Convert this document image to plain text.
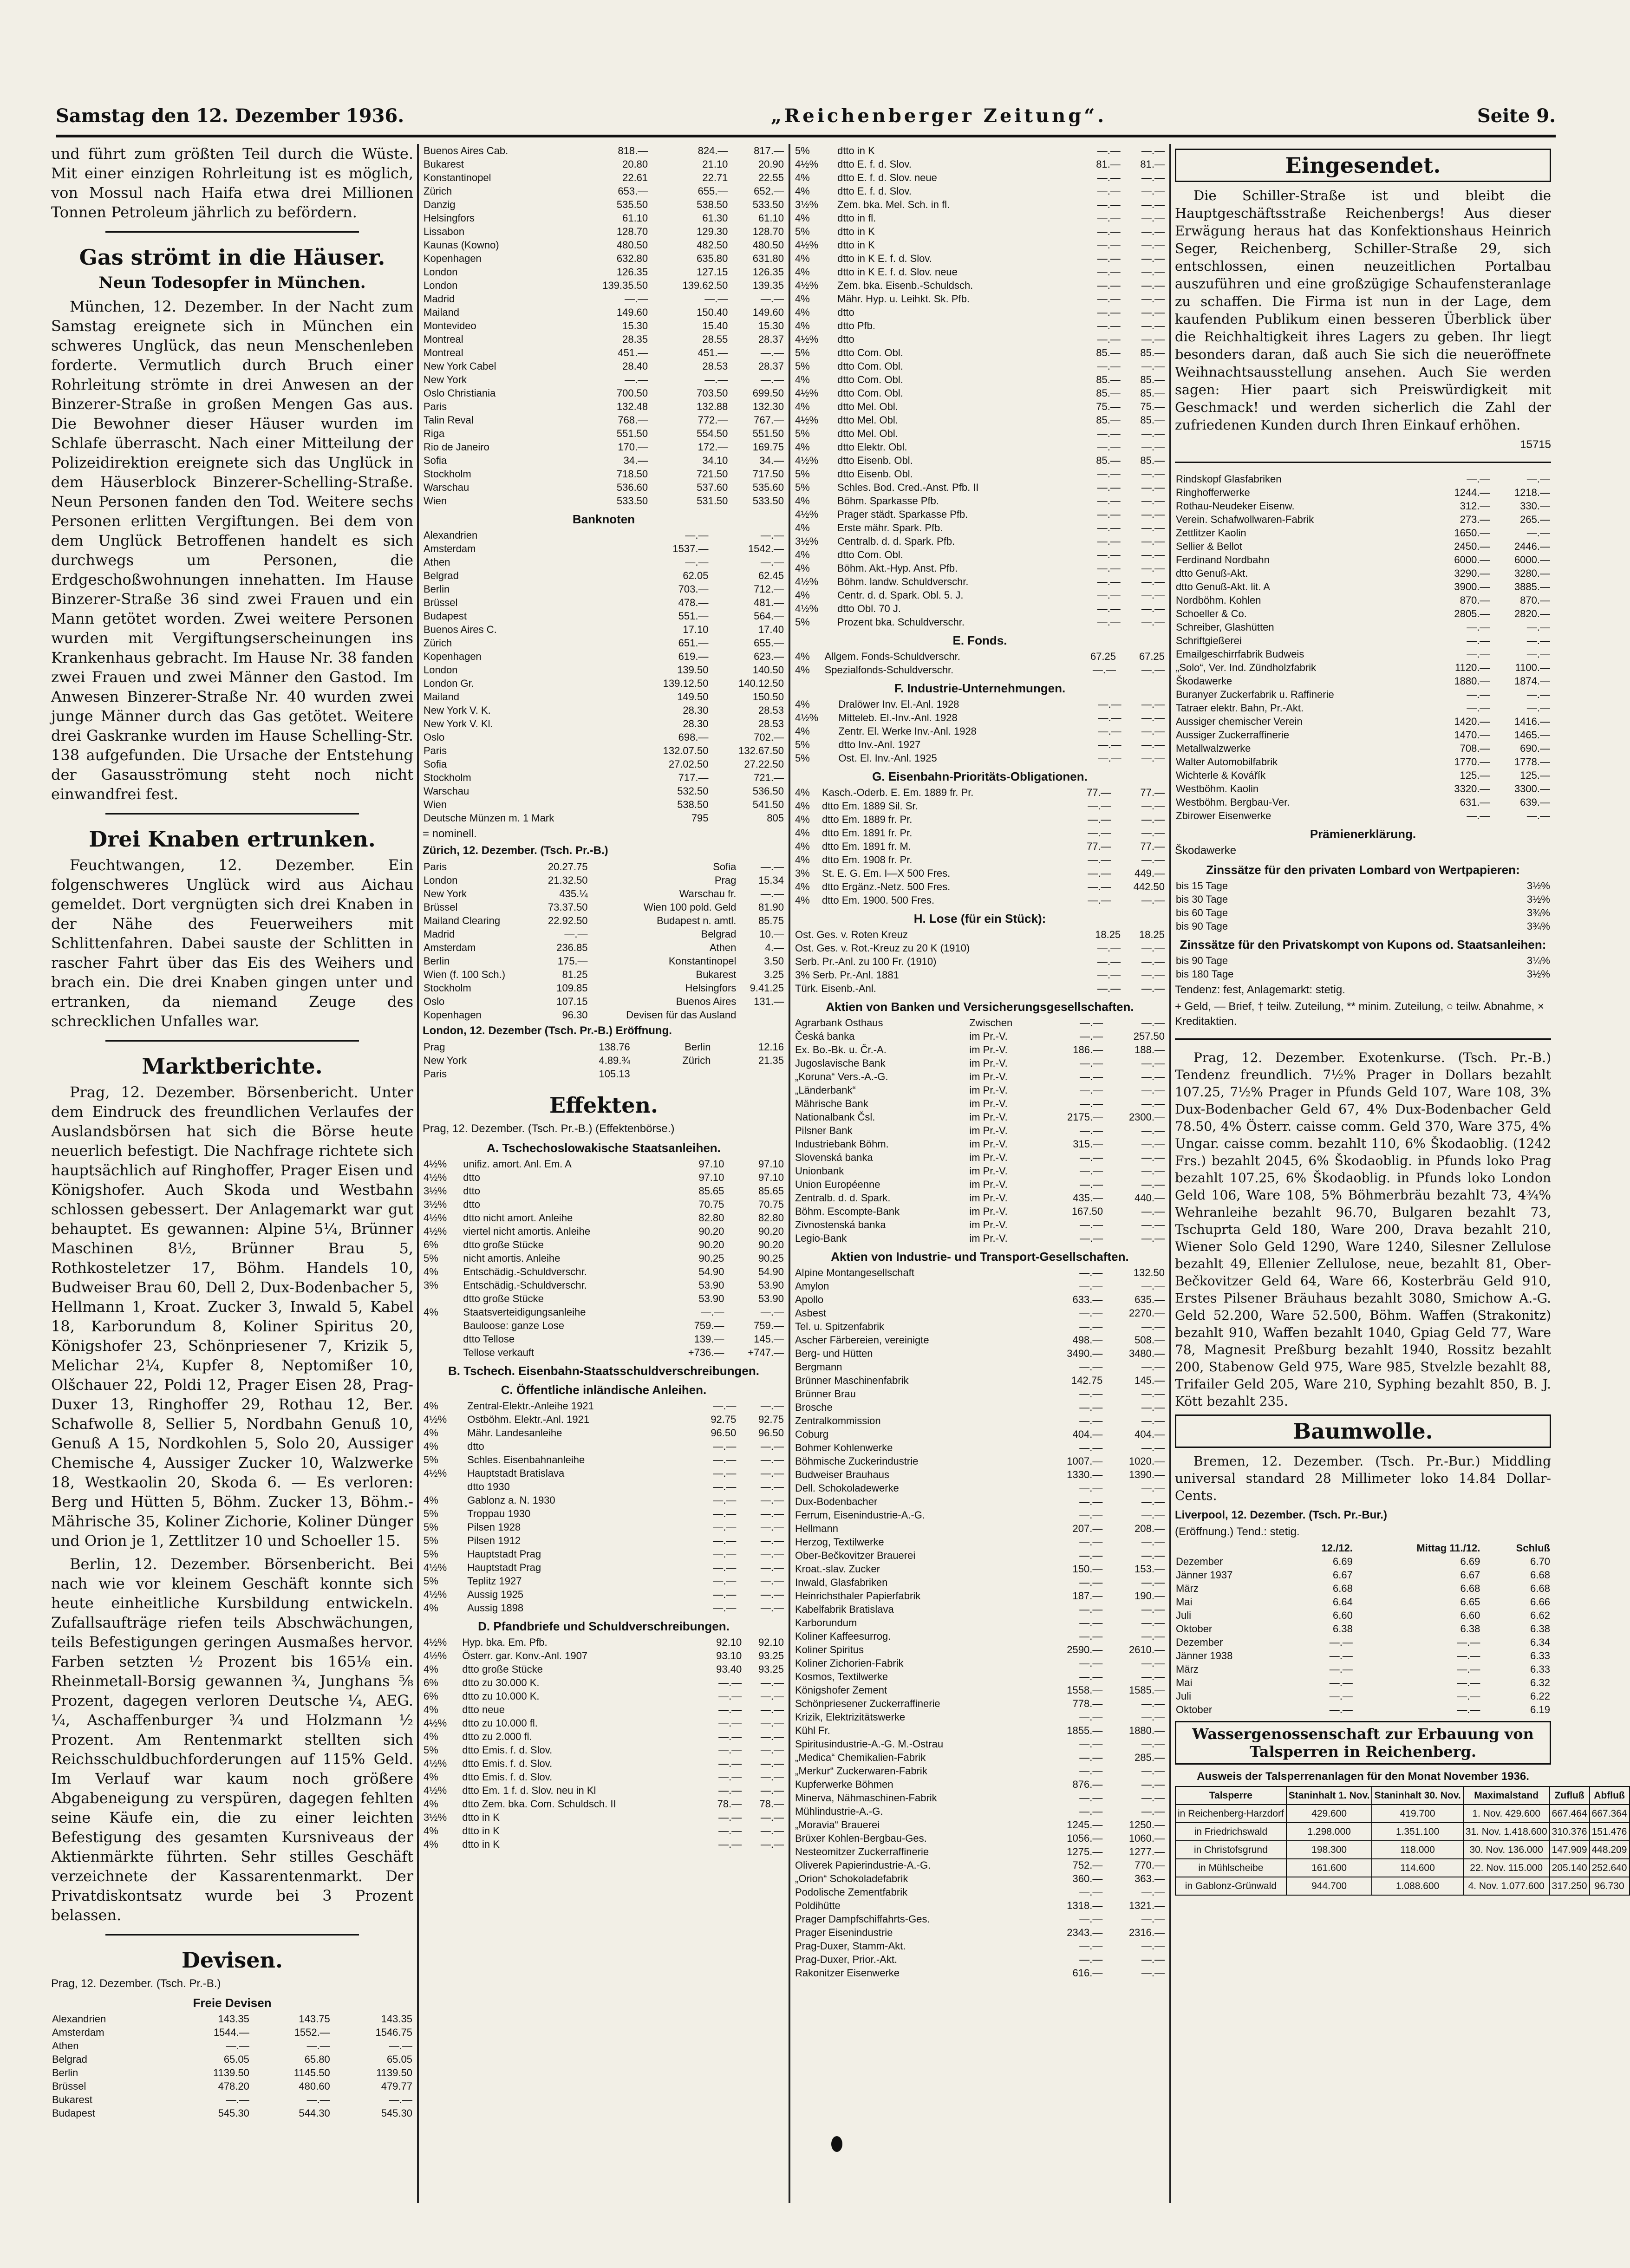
Samstag den 12. Dezember 1936.	„Reichenberger Zeitung“.	Seite 9.

und führt zum größten Teil durch die Wüste. Mit einer einzigen Rohrleitung ist es möglich, von Mossul nach Haifa etwa drei Millionen Tonnen Petroleum jährlich zu befördern.

Gas strömt in die Häuser.
Neun Todesopfer in München.

München, 12. Dezember. In der Nacht zum Samstag ereignete sich in München ein schweres Unglück, das neun Menschenleben forderte. Vermutlich durch Bruch einer Rohrleitung strömte in drei Anwesen an der Binzerer-Straße in großen Mengen Gas aus. Die Bewohner dieser Häuser wurden im Schlafe überrascht. Nach einer Mitteilung der Polizeidirektion ereignete sich das Unglück in dem Häuserblock Binzerer-Schelling-Straße. Neun Personen fanden den Tod. Weitere sechs Personen erlitten Vergiftungen. Bei dem von dem Unglück Betroffenen handelt es sich durchwegs um Personen, die Erdgeschoßwohnungen innehatten. Im Hause Binzerer-Straße 36 sind zwei Frauen und ein Mann getötet worden. Zwei weitere Personen wurden mit Vergiftungserscheinungen ins Krankenhaus gebracht. Im Hause Nr. 38 fanden zwei Frauen und zwei Männer den Gastod. Im Anwesen Binzerer-Straße Nr. 40 wurden zwei junge Männer durch das Gas getötet. Weitere drei Gaskranke wurden im Hause Schelling-Str. 138 aufgefunden. Die Ursache der Entstehung der Gasausströmung steht noch nicht einwandfrei fest.

Drei Knaben ertrunken.

Feuchtwangen, 12. Dezember. Ein folgenschweres Unglück wird aus Aichau gemeldet. Dort vergnügten sich drei Knaben in der Nähe des Feuerweihers mit Schlittenfahren. Dabei sauste der Schlitten in rascher Fahrt über das Eis des Weihers und brach ein. Die drei Knaben gingen unter und ertranken, da niemand Zeuge des schrecklichen Unfalles war.

Marktberichte.

Prag, 12. Dezember. Börsenbericht. Unter dem Eindruck des freundlichen Verlaufes der Auslandsbörsen hat sich die Börse heute neuerlich befestigt. Die Nachfrage richtete sich hauptsächlich auf Ringhoffer, Prager Eisen und Königshofer. Auch Skoda und Westbahn schlossen gebessert. Der Anlagemarkt war gut behauptet. Es gewannen: Alpine 5¼, Brünner Maschinen 8½, Brünner Brau 5, Rothkosteletzer 17, Böhm. Handels 10, Budweiser Brau 60, Dell 2, Dux-Bodenbacher 5, Hellmann 1, Kroat. Zucker 3, Inwald 5, Kabel 18, Karborundum 8, Koliner Spiritus 20, Königshofer 23, Schönpriesener 7, Krizik 5, Melichar 2¼, Kupfer 8, Neptomißer 10, Olšchauer 22, Poldi 12, Prager Eisen 28, Prag-Duxer 13, Ringhoffer 29, Rothau 12, Ber. Schafwolle 8, Sellier 5, Nordbahn Genuß 10, Genuß A 15, Nordkohlen 5, Solo 20, Aussiger Chemische 4, Aussiger Zucker 10, Walzwerke 18, Westkaolin 20, Skoda 6. — Es verloren: Berg und Hütten 5, Böhm. Zucker 13, Böhm.-Mährische 35, Koliner Zichorie, Koliner Dünger und Orion je 1, Zettlitzer 10 und Schoeller 15.

Berlin, 12. Dezember. Börsenbericht. Bei nach wie vor kleinem Geschäft konnte sich heute einheitliche Kursbildung entwickeln. Zufallsaufträge riefen teils Abschwächungen, teils Befestigungen geringen Ausmaßes hervor. Farben setzten ½ Prozent bis 165⅛ ein. Rheinmetall-Borsig gewannen ¾, Junghans ⅝ Prozent, dagegen verloren Deutsche ¼, AEG. ¼, Aschaffenburger ¾ und Holzmann ½ Prozent. Am Rentenmarkt stellten sich Reichsschuldbuchforderungen auf 115% Geld. Im Verlauf war kaum noch größere Abgabeneigung zu verspüren, dagegen fehlten seine Käufe ein, die zu einer leichten Befestigung des gesamten Kursniveaus der Aktienmärkte führten. Sehr stilles Geschäft verzeichnete der Kassarentenmarkt. Der Privatdiskontsatz wurde bei 3 Prozent belassen.

Devisen.
Prag, 12. Dezember. (Tsch. Pr.-B.)
Freie Devisen
Alexandrien	143.35	143.75	143.35
Amsterdam	1544.—	1552.—	1546.75
Athen	—.—	—.—	—.—
Belgrad	65.05	65.80	65.05
Berlin	1139.50	1145.50	1139.50
Brüssel	478.20	480.60	479.77
Bukarest	—.—	—.—	—.—
Budapest	545.30	544.30	545.30
Buenos Aires Cab.	818.—	824.—	817.—
Bukarest	20.80	21.10	20.90
Konstantinopel	22.61	22.71	22.55
Zürich	653.—	655.—	652.—
Danzig	535.50	538.50	533.50
Helsingfors	61.10	61.30	61.10
Lissabon	128.70	129.30	128.70
Kaunas (Kowno)	480.50	482.50	480.50
Kopenhagen	632.80	635.80	631.80
London	126.35	127.15	126.35
London	139.35.50	139.62.50	139.35
Madrid	—.—	—.—	—.—
Mailand	149.60	150.40	149.60
Montevideo	15.30	15.40	15.30
Montreal	28.35	28.55	28.37
Montreal	451.—	451.—	—.—
New York Cabel	28.40	28.53	28.37
New York	—.—	—.—	—.—
Oslo Christiania	700.50	703.50	699.50
Paris	132.48	132.88	132.30
Talin Reval	768.—	772.—	767.—
Riga	551.50	554.50	551.50
Rio de Janeiro	170.—	172.—	169.75
Sofia	34.—	34.10	34.—
Stockholm	718.50	721.50	717.50
Warschau	536.60	537.60	535.60
Wien	533.50	531.50	533.50
Banknoten
Alexandrien	—.—	—.—
Amsterdam	1537.—	1542.—
Athen	—.—	—.—
Belgrad	62.05	62.45
Berlin	703.—	712.—
Brüssel	478.—	481.—
Budapest	551.—	564.—
Buenos Aires C.	17.10	17.40
Zürich	651.—	655.—
Kopenhagen	619.—	623.—
London	139.50	140.50
London Gr.	139.12.50	140.12.50
Mailand	149.50	150.50
New York V. K.	28.30	28.53
New York V. Kl.	28.30	28.53
Oslo	698.—	702.—
Paris	132.07.50	132.67.50
Sofia	27.02.50	27.22.50
Stockholm	717.—	721.—
Warschau	532.50	536.50
Wien	538.50	541.50
Deutsche Münzen m. 1 Mark	795	805
= nominell.
Zürich, 12. Dezember. (Tsch. Pr.-B.)
Paris	20.27.75	Sofia	—.—
London	21.32.50	Prag	15.34
New York	435.¼	Warschau fr.	—.—
Brüssel	73.37.50	Wien 100 pold. Geld	81.90
Mailand Clearing	22.92.50	Budapest n. amtl.	85.75
Madrid	—.—	Belgrad	10.—
Amsterdam	236.85	Athen	4.—
Berlin	175.—	Konstantinopel	3.50
Wien (f. 100 Sch.)	81.25	Bukarest	3.25
Stockholm	109.85	Helsingfors	9.41.25
Oslo	107.15	Buenos Aires	131.—
Kopenhagen	96.30	Devisen für das Ausland	
London, 12. Dezember (Tsch. Pr.-B.) Eröffnung.
Prag	138.76	Berlin	12.16
New York	4.89.¾	Zürich	21.35
Paris	105.13		
Effekten.
Prag, 12. Dezember. (Tsch. Pr.-B.) (Effektenbörse.)
A. Tschechoslowakische Staatsanleihen.
4½%	unifiz. amort. Anl. Em. A	97.10	97.10
4½%	dtto	97.10	97.10
3½%	dtto	85.65	85.65
3½%	dtto	70.75	70.75
4½%	dtto nicht amort. Anleihe	82.80	82.80
4½%	viertel nicht amortis. Anleihe	90.20	90.20
6%	dtto große Stücke	90.20	90.20
5%	nicht amortis. Anleihe	90.25	90.25
4%	Entschädig.-Schuldverschr.	54.90	54.90
3%	Entschädig.-Schuldverschr.	53.90	53.90
	dtto große Stücke	53.90	53.90
4%	Staatsverteidigungsanleihe	—.—	—.—
	Bauloose: ganze Lose	759.—	759.—
	dtto Tellose	139.—	145.—
	Tellose verkauft	+736.—	+747.—
B. Tschech. Eisenbahn-Staatsschuldverschreibungen.
C. Öffentliche inländische Anleihen.
4%	Zentral-Elektr.-Anleihe 1921	—.—	—.—
4½%	Ostböhm. Elektr.-Anl. 1921	92.75	92.75
4%	Mähr. Landesanleihe	96.50	96.50
4%	dtto	—.—	—.—
5%	Schles. Eisenbahnanleihe	—.—	—.—
4½%	Hauptstadt Bratislava	—.—	—.—
	dtto 1930	—.—	—.—
4%	Gablonz a. N. 1930	—.—	—.—
5%	Troppau 1930	—.—	—.—
5%	Pilsen 1928	—.—	—.—
5%	Pilsen 1912	—.—	—.—
5%	Hauptstadt Prag	—.—	—.—
4½%	Hauptstadt Prag	—.—	—.—
5%	Teplitz 1927	—.—	—.—
4½%	Aussig 1925	—.—	—.—
4%	Aussig 1898	—.—	—.—
D. Pfandbriefe und Schuldverschreibungen.
4½%	Hyp. bka. Em. Pfb.	92.10	92.10
4½%	Österr. gar. Konv.-Anl. 1907	93.10	93.25
4%	dtto große Stücke	93.40	93.25
6%	dtto zu 30.000 K.	—.—	—.—
6%	dtto zu 10.000 K.	—.—	—.—
4%	dtto neue	—.—	—.—
4½%	dtto zu 10.000 fl.	—.—	—.—
4%	dtto zu 2.000 fl.	—.—	—.—
5%	dtto Emis. f. d. Slov.	—.—	—.—
4½%	dtto Emis. f. d. Slov.	—.—	—.—
4%	dtto Emis. f. d. Slov.	—.—	—.—
4½%	dtto Em. 1 f. d. Slov. neu in Kl	—.—	—.—
4%	dtto Zem. bka. Com. Schuldsch. II	78.—	78.—
3½%	dtto in K	—.—	—.—
4%	dtto in K	—.—	—.—
4%	dtto in K	—.—	—.—
5%	dtto in K	—.—	—.—
4½%	dtto E. f. d. Slov.	81.—	81.—
4%	dtto E. f. d. Slov. neue	—.—	—.—
4%	dtto E. f. d. Slov.	—.—	—.—
3½%	Zem. bka. Mel. Sch. in fl.	—.—	—.—
4%	dtto in fl.	—.—	—.—
5%	dtto in K	—.—	—.—
4½%	dtto in K	—.—	—.—
4%	dtto in K E. f. d. Slov.	—.—	—.—
4%	dtto in K E. f. d. Slov. neue	—.—	—.—
4½%	Zem. bka. Eisenb.-Schuldsch.	—.—	—.—
4%	Mähr. Hyp. u. Leihkt. Sk. Pfb.	—.—	—.—
4%	dtto	—.—	—.—
4%	dtto Pfb.	—.—	—.—
4½%	dtto	—.—	—.—
5%	dtto Com. Obl.	85.—	85.—
5%	dtto Com. Obl.	—.—	—.—
4%	dtto Com. Obl.	85.—	85.—
4½%	dtto Com. Obl.	85.—	85.—
4%	dtto Mel. Obl.	75.—	75.—
4½%	dtto Mel. Obl.	85.—	85.—
5%	dtto Mel. Obl.	—.—	—.—
4%	dtto Elektr. Obl.	—.—	—.—
4½%	dtto Eisenb. Obl.	85.—	85.—
5%	dtto Eisenb. Obl.	—.—	—.—
5%	Schles. Bod. Cred.-Anst. Pfb. II	—.—	—.—
4%	Böhm. Sparkasse Pfb.	—.—	—.—
4½%	Prager städt. Sparkasse Pfb.	—.—	—.—
4%	Erste mähr. Spark. Pfb.	—.—	—.—
3½%	Centralb. d. d. Spark. Pfb.	—.—	—.—
4%	dtto Com. Obl.	—.—	—.—
4%	Böhm. Akt.-Hyp. Anst. Pfb.	—.—	—.—
4½%	Böhm. landw. Schuldverschr.	—.—	—.—
4%	Centr. d. d. Spark. Obl. 5. J.	—.—	—.—
4½%	dtto Obl. 70 J.	—.—	—.—
5%	Prozent bka. Schuldverschr.	—.—	—.—
E. Fonds.
4%	Allgem. Fonds-Schuldverschr.	67.25	67.25
4%	Spezialfonds-Schuldverschr.	—.—	—.—
F. Industrie-Unternehmungen.
4%	Dralöwer Inv. El.-Anl. 1928	—.—	—.—
4½%	Mitteleb. El.-Inv.-Anl. 1928	—.—	—.—
4%	Zentr. El. Werke Inv.-Anl. 1928	—.—	—.—
5%	dtto Inv.-Anl. 1927	—.—	—.—
5%	Ost. El. Inv.-Anl. 1925	—.—	—.—
G. Eisenbahn-Prioritäts-Obligationen.
4%	Kasch.-Oderb. E. Em. 1889 fr. Pr.	77.—	77.—
4%	dtto Em. 1889 Sil. Sr.	—.—	—.—
4%	dtto Em. 1889 fr. Pr.	—.—	—.—
4%	dtto Em. 1891 fr. Pr.	—.—	—.—
4%	dtto Em. 1891 fr. M.	77.—	77.—
4%	dtto Em. 1908 fr. Pr.	—.—	—.—
3%	St. E. G. Em. I—X 500 Fres.	—.—	449.—
4%	dtto Ergänz.-Netz. 500 Fres.	—.—	442.50
4%	dtto Em. 1900. 500 Fres.	—.—	—.—
H. Lose (für ein Stück):
Ost. Ges. v. Roten Kreuz	18.25	18.25
Ost. Ges. v. Rot.-Kreuz zu 20 K (1910)	—.—	—.—
Serb. Pr.-Anl. zu 100 Fr. (1910)	—.—	—.—
3% Serb. Pr.-Anl. 1881	—.—	—.—
Türk. Eisenb.-Anl.	—.—	—.—
Aktien von Banken und Versicherungsgesellschaften.
Agrarbank Osthaus	Zwischen	—.—	—.—
Česká banka	im Pr.-V.	—.—	257.50
Ex. Bo.-Bk. u. Čr.-A.	im Pr.-V.	186.—	188.—
Jugoslavische Bank	im Pr.-V.	—.—	—.—
„Koruna“ Vers.-A.-G.	im Pr.-V.	—.—	—.—
„Länderbank“	im Pr.-V.	—.—	—.—
Mährische Bank	im Pr.-V.	—.—	—.—
Nationalbank Čsl.	im Pr.-V.	2175.—	2300.—
Pilsner Bank	im Pr.-V.	—.—	—.—
Industriebank Böhm.	im Pr.-V.	315.—	—.—
Slovenská banka	im Pr.-V.	—.—	—.—
Unionbank	im Pr.-V.	—.—	—.—
Union Européenne	im Pr.-V.	—.—	—.—
Zentralb. d. d. Spark.	im Pr.-V.	435.—	440.—
Böhm. Escompte-Bank	im Pr.-V.	167.50	—.—
Zivnostenská banka	im Pr.-V.	—.—	—.—
Legio-Bank	im Pr.-V.	—.—	—.—
Aktien von Industrie- und Transport-Gesellschaften.
Alpine Montangesellschaft	—.—	132.50
Amylon	—.—	—.—
Apollo	633.—	635.—
Asbest	—.—	2270.—
Tel. u. Spitzenfabrik	—.—	—.—
Ascher Färbereien, vereinigte	498.—	508.—
Berg- und Hütten	3490.—	3480.—
Bergmann	—.—	—.—
Brünner Maschinenfabrik	142.75	145.—
Brünner Brau	—.—	—.—
Brosche	—.—	—.—
Zentralkommission	—.—	—.—
Coburg	404.—	404.—
Bohmer Kohlenwerke	—.—	—.—
Böhmische Zuckerindustrie	1007.—	1020.—
Budweiser Brauhaus	1330.—	1390.—
Dell. Schokoladewerke	—.—	—.—
Dux-Bodenbacher	—.—	—.—
Ferrum, Eisenindustrie-A.-G.	—.—	—.—
Hellmann	207.—	208.—
Herzog, Textilwerke	—.—	—.—
Ober-Bečkovitzer Brauerei	—.—	—.—
Kroat.-slav. Zucker	150.—	153.—
Inwald, Glasfabriken	—.—	—.—
Heinrichsthaler Papierfabrik	187.—	190.—
Kabelfabrik Bratislava	—.—	—.—
Karborundum	—.—	—.—
Koliner Kaffeesurrog.	—.—	—.—
Koliner Spiritus	2590.—	2610.—
Koliner Zichorien-Fabrik	—.—	—.—
Kosmos, Textilwerke	—.—	—.—
Königshofer Zement	1558.—	1585.—
Schönpriesener Zuckerraffinerie	778.—	—.—
Krizik, Elektrizitätswerke	—.—	—.—
Kühl Fr.	1855.—	1880.—
Spiritusindustrie-A.-G. M.-Ostrau	—.—	—.—
„Medica“ Chemikalien-Fabrik	—.—	285.—
„Merkur“ Zuckerwaren-Fabrik	—.—	—.—
Kupferwerke Böhmen	876.—	—.—
Minerva, Nähmaschinen-Fabrik	—.—	—.—
Mühlindustrie-A.-G.	—.—	—.—
„Moravia“ Brauerei	1245.—	1250.—
Brüxer Kohlen-Bergbau-Ges.	1056.—	1060.—
Nesteomitzer Zuckerraffinerie	1275.—	1277.—
Oliverek Papierindustrie-A.-G.	752.—	770.—
„Orion“ Schokoladefabrik	360.—	363.—
Podolische Zementfabrik	—.—	—.—
Poldihütte	1318.—	1321.—
Prager Dampfschiffahrts-Ges.	—.—	—.—
Prager Eisenindustrie	2343.—	2316.—
Prag-Duxer, Stamm-Akt.	—.—	—.—
Prag-Duxer, Prior.-Akt.	—.—	—.—
Rakonitzer Eisenwerke	616.—	—.—
Eingesendet.

Die Schiller-Straße ist und bleibt die Hauptgeschäftsstraße Reichenbergs! Aus dieser Erwägung heraus hat das Konfektionshaus Heinrich Seger, Reichenberg, Schiller-Straße 29, sich entschlossen, einen neuzeitlichen Portalbau auszuführen und eine großzügige Schaufensteranlage zu schaffen. Die Firma ist nun in der Lage, dem kaufenden Publikum einen besseren Überblick über die Reichhaltigkeit ihres Lagers zu geben. Ihr liegt besonders daran, daß auch Sie sich die neueröffnete Weihnachtsausstellung ansehen. Auch Sie werden sagen: Hier paart sich Preiswürdigkeit mit Geschmack! und werden sicherlich die Zahl der zufriedenen Kunden durch Ihren Einkauf erhöhen.

15715
Rindskopf Glasfabriken	—.—	—.—
Ringhofferwerke	1244.—	1218.—
Rothau-Neudeker Eisenw.	312.—	330.—
Verein. Schafwollwaren-Fabrik	273.—	265.—
Zettlitzer Kaolin	1650.—	—.—
Sellier & Bellot	2450.—	2446.—
Ferdinand Nordbahn	6000.—	6000.—
dtto Genuß-Akt.	3290.—	3280.—
dtto Genuß-Akt. lit. A	3900.—	3885.—
Nordböhm. Kohlen	870.—	870.—
Schoeller & Co.	2805.—	2820.—
Schreiber, Glashütten	—.—	—.—
Schriftgießerei	—.—	—.—
Emailgeschirrfabrik Budweis	—.—	—.—
„Solo“, Ver. Ind. Zündholzfabrik	1120.—	1100.—
Škodawerke	1880.—	1874.—
Buranyer Zuckerfabrik u. Raffinerie	—.—	—.—
Tatraer elektr. Bahn, Pr.-Akt.	—.—	—.—
Aussiger chemischer Verein	1420.—	1416.—
Aussiger Zuckerraffinerie	1470.—	1465.—
Metallwalzwerke	708.—	690.—
Walter Automobilfabrik	1770.—	1778.—
Wichterle & Kovářík	125.—	125.—
Westböhm. Kaolin	3320.—	3300.—
Westböhm. Bergbau-Ver.	631.—	639.—
Zbirower Eisenwerke	—.—	—.—
Prämienerklärung.
Škodawerke
Zinssätze für den privaten Lombard von Wertpapieren:
bis 15 Tage	3½%
bis 30 Tage	3½%
bis 60 Tage	3¾%
bis 90 Tage	3¾%
Zinssätze für den Privatskompt von Kupons od. Staatsanleihen:
bis 90 Tage	3¼%
bis 180 Tage	3½%
Tendenz: fest, Anlagemarkt: stetig.
+ Geld, — Brief, † teilw. Zuteilung, ** minim. Zuteilung, ○ teilw. Abnahme, × Kreditaktien.

Prag, 12. Dezember. Exotenkurse. (Tsch. Pr.-B.) Tendenz freundlich. 7½% Prager in Dollars bezahlt 107.25, 7½% Prager in Pfunds Geld 107, Ware 108, 3% Dux-Bodenbacher Geld 67, 4% Dux-Bodenbacher Geld 78.50, 4% Österr. caisse comm. Geld 370, Ware 375, 4% Ungar. caisse comm. bezahlt 110, 6% Škodaoblig. (1242 Frs.) bezahlt 2045, 6% Škodaoblig. in Pfunds loko Prag bezahlt 107.25, 6% Škodaoblig. in Pfunds loko London Geld 106, Ware 108, 5% Böhmerbräu bezahlt 73, 4¾% Wehranleihe bezahlt 96.70, Bulgaren bezahlt 73, Tschuprta Geld 180, Ware 200, Drava bezahlt 210, Wiener Solo Geld 1290, Ware 1240, Silesner Zellulose bezahlt 49, Ellenier Zellulose, neue, bezahlt 81, Ober-Bečkovitzer Geld 64, Ware 66, Kosterbräu Geld 910, Erstes Pilsener Bräuhaus bezahlt 3080, Smichow A.-G. Geld 52.200, Ware 52.500, Böhm. Waffen (Strakonitz) bezahlt 910, Waffen bezahlt 1040, Gpiag Geld 77, Ware 78, Magnesit Preßburg bezahlt 1940, Rossitz bezahlt 200, Stabenow Geld 975, Ware 985, Stvelzle bezahlt 88, Trifailer Geld 205, Ware 210, Syphing bezahlt 850, B. J. Kött bezahlt 235.

Baumwolle.

Bremen, 12. Dezember. (Tsch. Pr.-Bur.) Middling universal standard 28 Millimeter loko 14.84 Dollar-Cents.

Liverpool, 12. Dezember. (Tsch. Pr.-Bur.)
(Eröffnung.) Tend.: stetig.
	12./12.	Mittag 11./12.	Schluß
Dezember	6.69	6.69	6.70
Jänner 1937	6.67	6.67	6.68
März	6.68	6.68	6.68
Mai	6.64	6.65	6.66
Juli	6.60	6.60	6.62
Oktober	6.38	6.38	6.38
Dezember	—.—	—.—	6.34
Jänner 1938	—.—	—.—	6.33
März	—.—	—.—	6.33
Mai	—.—	—.—	6.32
Juli	—.—	—.—	6.22
Oktober	—.—	—.—	6.19
Wassergenossenschaft zur Erbauung von Talsperren in Reichenberg.
Ausweis der Talsperrenanlagen für den Monat November 1936.
Talsperre	Staninhalt 1. Nov.	Staninhalt 30. Nov.	Maximalstand	Zufluß	Abfluß
in Reichenberg-Harzdorf	429.600	419.700	1. Nov. 429.600	667.464	667.364
in Friedrichswald	1.298.000	1.351.100	31. Nov. 1.418.600	310.376	151.476
in Christofsgrund	198.300	118.000	30. Nov. 136.000	147.909	448.209
in Mühlscheibe	161.600	114.600	22. Nov. 115.000	205.140	252.640
in Gablonz-Grünwald	944.700	1.088.600	4. Nov. 1.077.600	317.250	96.730
